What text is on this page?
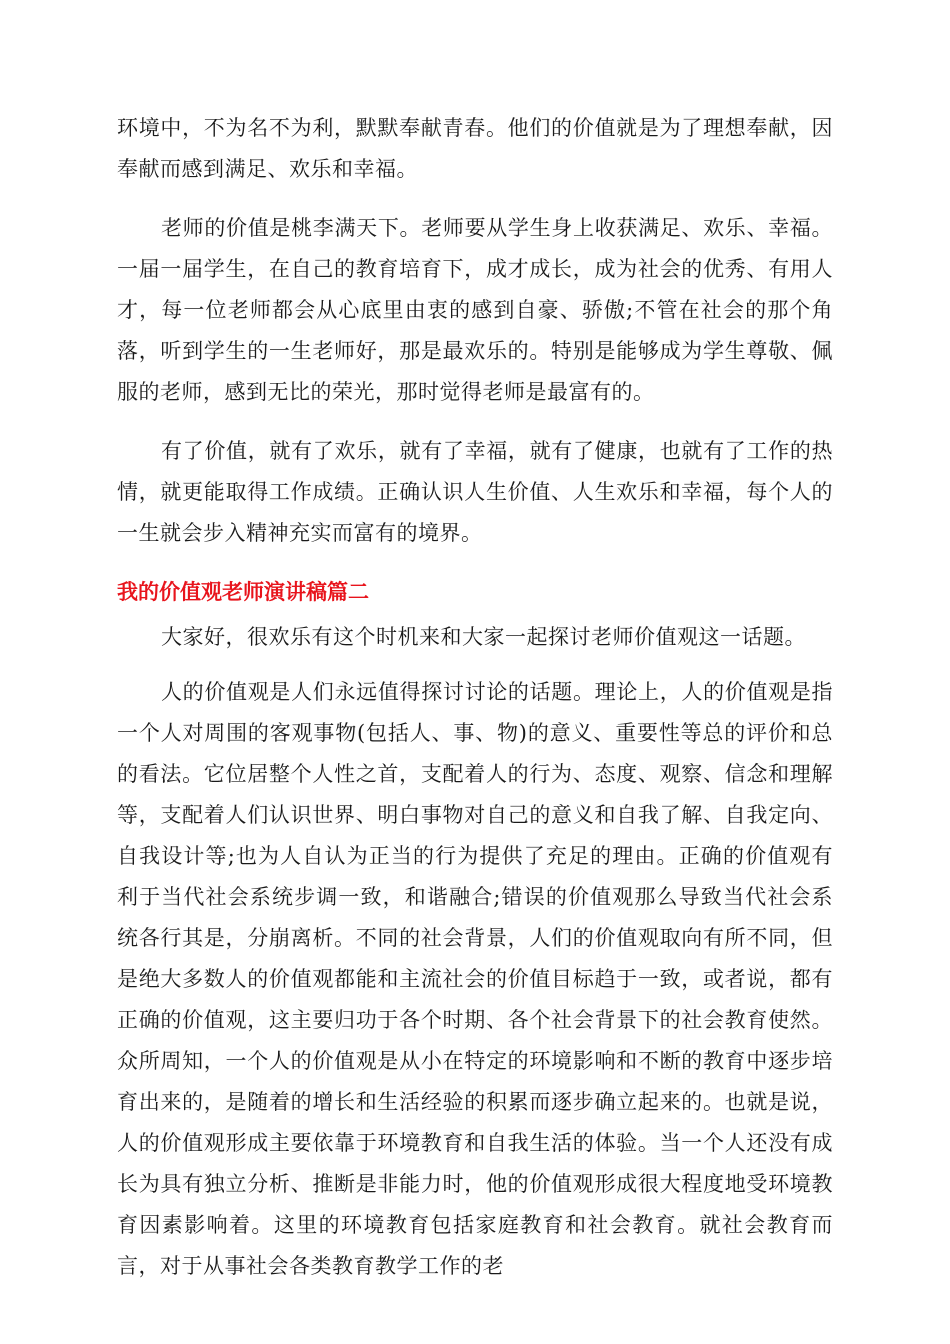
环境中，不为名不为利，默默奉献青春。他们的价值就是为了理想奉献，因奉献而感到满足、欢乐和幸福。

老师的价值是桃李满天下。老师要从学生身上收获满足、欢乐、幸福。一届一届学生，在自己的教育培育下，成才成长，成为社会的优秀、有用人才，每一位老师都会从心底里由衷的感到自豪、骄傲;不管在社会的那个角落，听到学生的一生老师好，那是最欢乐的。特别是能够成为学生尊敬、佩服的老师，感到无比的荣光，那时觉得老师是最富有的。

有了价值，就有了欢乐，就有了幸福，就有了健康，也就有了工作的热情，就更能取得工作成绩。正确认识人生价值、人生欢乐和幸福，每个人的一生就会步入精神充实而富有的境界。

我的价值观老师演讲稿篇二

大家好，很欢乐有这个时机来和大家一起探讨老师价值观这一话题。

人的价值观是人们永远值得探讨讨论的话题。理论上，人的价值观是指一个人对周围的客观事物(包括人、事、物)的意义、重要性等总的评价和总的看法。它位居整个人性之首，支配着人的行为、态度、观察、信念和理解等，支配着人们认识世界、明白事物对自己的意义和自我了解、自我定向、自我设计等;也为人自认为正当的行为提供了充足的理由。正确的价值观有利于当代社会系统步调一致，和谐融合;错误的价值观那么导致当代社会系统各行其是，分崩离析。不同的社会背景，人们的价值观取向有所不同，但是绝大多数人的价值观都能和主流社会的价值目标趋于一致，或者说，都有正确的价值观，这主要归功于各个时期、各个社会背景下的社会教育使然。众所周知，一个人的价值观是从小在特定的环境影响和不断的教育中逐步培育出来的，是随着的增长和生活经验的积累而逐步确立起来的。也就是说，人的价值观形成主要依靠于环境教育和自我生活的体验。当一个人还没有成长为具有独立分析、推断是非能力时，他的价值观形成很大程度地受环境教育因素影响着。这里的环境教育包括家庭教育和社会教育。就社会教育而言，对于从事社会各类教育教学工作的老
